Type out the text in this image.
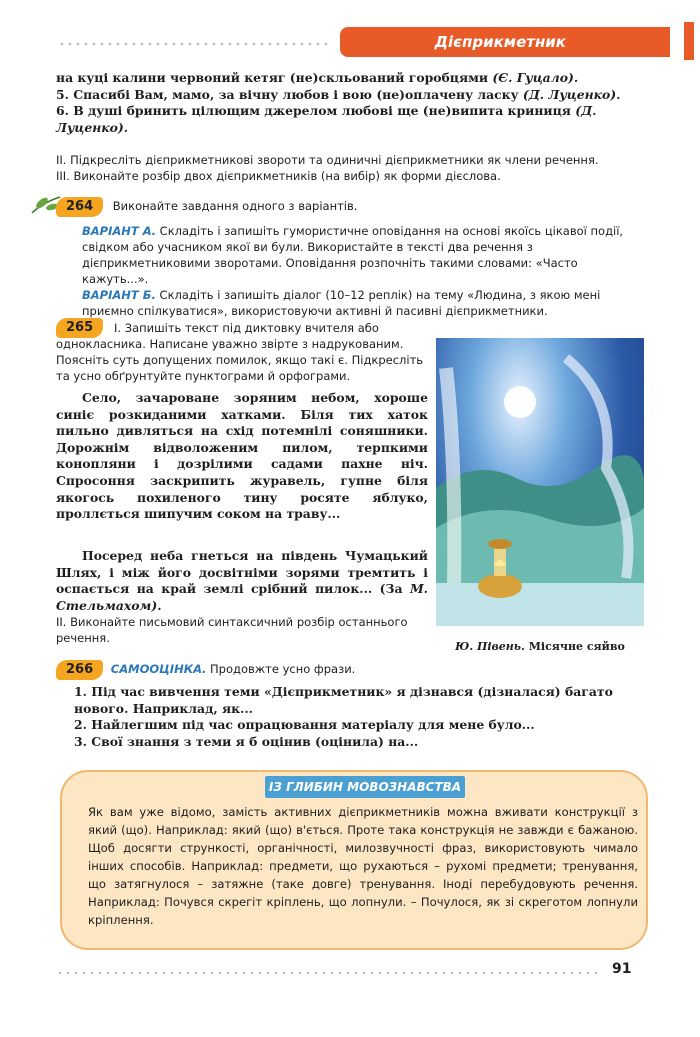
Дієприкметник
на куці калини червоний кетяг (не)скльований горобцями (Є. Гуцало).
5. Спасибі Вам, мамо, за вічну любов і вою (не)оплачену ласку (Д. Луценко).
6. В душі бринить цілющим джерелом любові ще (не)випита криниця (Д. Луценко).
II. Підкресліть дієприкметникові звороти та одиничні дієприкметники як члени речення.
III. Виконайте розбір двох дієприкметників (на вибір) як форми дієслова.
264 Виконайте завдання одного з варіантів.
ВАРІАНТ А. Складіть і запишіть гумористичне оповідання на основі якоїсь цікавої події, свідком або учасником якої ви були. Використайте в тексті два речення з дієприкметниковими зворотами. Оповідання розпочніть такими словами: «Часто кажуть...».
ВАРІАНТ Б. Складіть і запишіть діалог (10–12 реплік) на тему «Людина, з якою мені приємно спілкуватися», використовуючи активні й пасивні дієприкметники.
265	I. Запишіть текст під диктовку вчителя або однокласника. Написане уважно звірте з надрукованим. Поясніть суть допущених помилок, якщо такі є. Підкресліть та усно обґрунтуйте пунктограми й орфограми.
Село, зачароване зоряним небом, хороше синіє розкиданими хатками. Біля тих хаток пильно дивляться на схід потемнілі соняшники. Дорожнім відволоженим пилом, терпкими конопляни і дозрілими садами пахне ніч. Спросоння заскрипить журавель, гупне біля якогось похиленого тину росяте яблуко, проллється шипучим соком на траву...
Посеред неба гнеться на південь Чумацький Шлях, і між його досвітніми зорями тремтить і оспається на край землі срібний пилок... (За М. Стельмахом).
II. Виконайте письмовий синтаксичний розбір останнього речення.
Ю. Півень. Місячне сяйво
266 САМООЦІНКА. Продовжте усно фрази.
1. Під час вивчення теми «Дієприкметник» я дізнався (дізналася) багато нового. Наприклад, як...
2. Найлегшим під час опрацювання матеріалу для мене було...
3. Свої знання з теми я б оцінив (оцінила) на...
ІЗ ГЛИБИН МОВОЗНАВСТВА
Як вам уже відомо, замість активних дієприкметників можна вживати конструкції з який (що). Наприклад: який (що) в'ється. Проте така конструкція не завжди є бажаною. Щоб досягти стрункості, органічності, милозвучності фраз, використовують чимало інших способів. Наприклад: предмети, що рухаються – рухомі предмети; тренування, що затягнулося – затяжне (таке довге) тренування. Іноді перебудовують речення. Наприклад: Почувся скрегіт кріплень, що лопнули. – Почулося, як зі скреготом лопнули кріплення.
91
